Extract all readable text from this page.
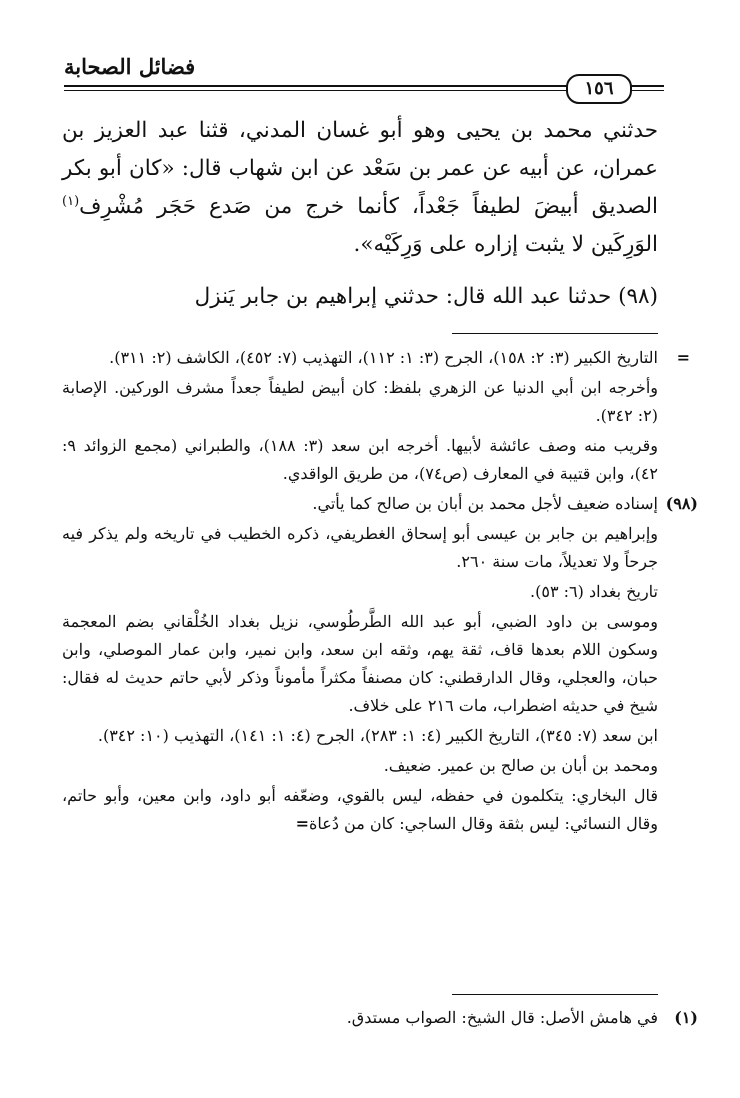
فضائل الصحابة
١٥٦

حدثني محمد بن يحيى وهو أبو غسان المدني، قثنا عبد العزيز بن عمران، عن أبيه عن عمر بن سَعْد عن ابن شهاب قال: «كان أبو بكر الصديق أبيضَ لطيفاً جَعْداً، كأنما خرج من صَدع حَجَر مُشْرِف$^{(١)}$ الوَرِكَين لا يثبت إزاره على وَرِكَيْه».

(٩٨) حدثنا عبد الله قال: حدثني إبراهيم بن جابر يَنزل

= التاريخ الكبير (٣: ٢: ١٥٨)، الجرح (٣: ١: ١١٢)، التهذيب (٧: ٤٥٢)، الكاشف (٢: ٣١١).

وأخرجه ابن أبي الدنيا عن الزهري بلفظ: كان أبيض لطيفاً جعداً مشرف الوركين. الإصابة (٢: ٣٤٢).

وقريب منه وصف عائشة لأبيها. أخرجه ابن سعد (٣: ١٨٨)، والطبراني (مجمع الزوائد ٩: ٤٢)، وابن قتيبة في المعارف (ص٧٤)، من طريق الواقدي.

(٩٨)إسناده ضعيف لأجل محمد بن أبان بن صالح كما يأتي.

وإبراهيم بن جابر بن عيسى أبو إسحاق الغطريفي، ذكره الخطيب في تاريخه ولم يذكر فيه جرحاً ولا تعديلاً، مات سنة ٢٦٠.

تاريخ بغداد (٦: ٥٣).

وموسى بن داود الضبي، أبو عبد الله الطَّرطُوسي، نزيل بغداد الخُلْقاني بضم المعجمة وسكون اللام بعدها قاف، ثقة يهم، وثقه ابن سعد، وابن نمير، وابن عمار الموصلي، وابن حبان، والعجلي، وقال الدارقطني: كان مصنفاً مكثراً مأموناً وذكر لأبي حاتم حديث له فقال: شيخ في حديثه اضطراب، مات ٢١٦ على خلاف.

ابن سعد (٧: ٣٤٥)، التاريخ الكبير (٤: ١: ٢٨٣)، الجرح (٤: ١: ١٤١)، التهذيب (١٠: ٣٤٢).

ومحمد بن أبان بن صالح بن عمير. ضعيف.

قال البخاري: يتكلمون في حفظه، ليس بالقوي، وضعّفه أبو داود، وابن معين، وأبو حاتم، وقال النسائي: ليس بثقة وقال الساجي: كان من دُعاة=

(١)في هامش الأصل: قال الشيخ: الصواب مستدق.
